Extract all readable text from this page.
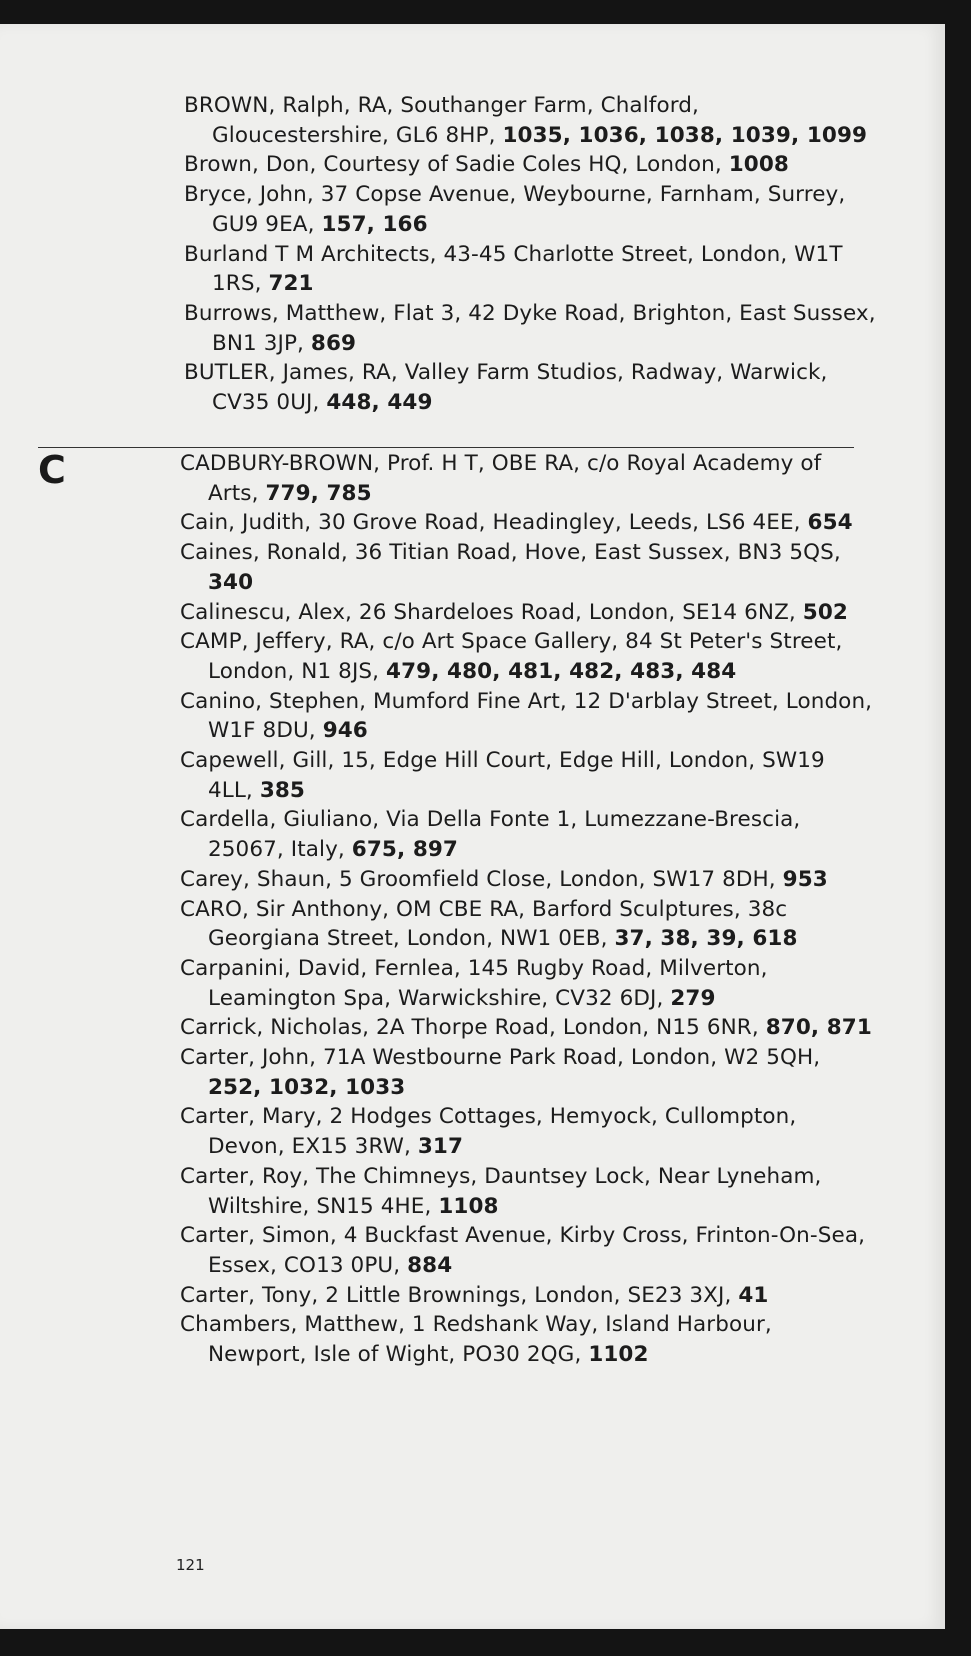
BROWN, Ralph, RA, Southanger Farm, Chalford, Gloucestershire, GL6 8HP, 1035, 1036, 1038, 1039, 1099
Brown, Don, Courtesy of Sadie Coles HQ, London, 1008
Bryce, John, 37 Copse Avenue, Weybourne, Farnham, Surrey, GU9 9EA, 157, 166
Burland T M Architects, 43-45 Charlotte Street, London, W1T 1RS, 721
Burrows, Matthew, Flat 3, 42 Dyke Road, Brighton, East Sussex, BN1 3JP, 869
BUTLER, James, RA, Valley Farm Studios, Radway, Warwick, CV35 0UJ, 448, 449
C	CADBURY-BROWN, Prof. H T, OBE RA, c/o Royal Academy of Arts, 779, 785
Cain, Judith, 30 Grove Road, Headingley, Leeds, LS6 4EE, 654
Caines, Ronald, 36 Titian Road, Hove, East Sussex, BN3 5QS, 340
Calinescu, Alex, 26 Shardeloes Road, London, SE14 6NZ, 502
CAMP, Jeffery, RA, c/o Art Space Gallery, 84 St Peter's Street, London, N1 8JS, 479, 480, 481, 482, 483, 484
Canino, Stephen, Mumford Fine Art, 12 D'arblay Street, London, W1F 8DU, 946
Capewell, Gill, 15, Edge Hill Court, Edge Hill, London, SW19 4LL, 385
Cardella, Giuliano, Via Della Fonte 1, Lumezzane-Brescia, 25067, Italy, 675, 897
Carey, Shaun, 5 Groomfield Close, London, SW17 8DH, 953
CARO, Sir Anthony, OM CBE RA, Barford Sculptures, 38c Georgiana Street, London, NW1 0EB, 37, 38, 39, 618
Carpanini, David, Fernlea, 145 Rugby Road, Milverton, Leamington Spa, Warwickshire, CV32 6DJ, 279
Carrick, Nicholas, 2A Thorpe Road, London, N15 6NR, 870, 871
Carter, John, 71A Westbourne Park Road, London, W2 5QH, 252, 1032, 1033
Carter, Mary, 2 Hodges Cottages, Hemyock, Cullompton, Devon, EX15 3RW, 317
Carter, Roy, The Chimneys, Dauntsey Lock, Near Lyneham, Wiltshire, SN15 4HE, 1108
Carter, Simon, 4 Buckfast Avenue, Kirby Cross, Frinton-On-Sea, Essex, CO13 0PU, 884
Carter, Tony, 2 Little Brownings, London, SE23 3XJ, 41
Chambers, Matthew, 1 Redshank Way, Island Harbour, Newport, Isle of Wight, PO30 2QG, 1102
121
